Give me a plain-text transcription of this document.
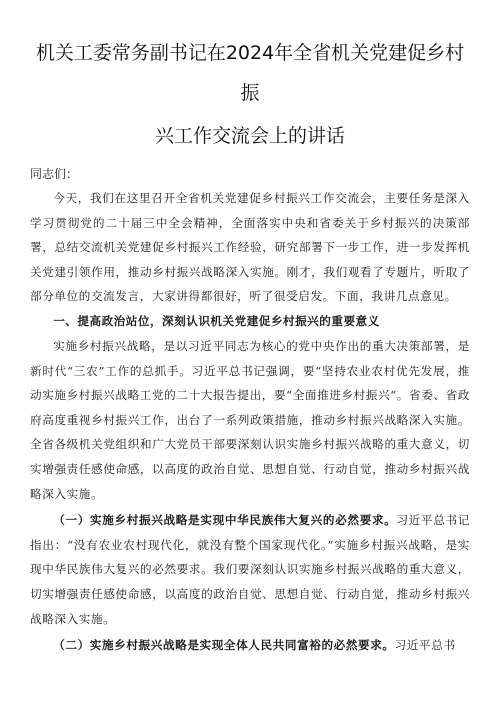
机关工委常务副书记在2024年全省机关党建促乡村振
兴工作交流会上的讲话
同志们：

今天，我们在这里召开全省机关党建促乡村振兴工作交流会，主要任务是深入学习贯彻党的二十届三中全会精神，全面落实中央和省委关于乡村振兴的决策部署，总结交流机关党建促乡村振兴工作经验，研究部署下一步工作，进一步发挥机关党建引领作用，推动乡村振兴战略深入实施。刚才，我们观看了专题片，听取了部分单位的交流发言，大家讲得都很好，听了很受启发。下面，我讲几点意见。

一、提高政治站位，深刻认识机关党建促乡村振兴的重要意义

实施乡村振兴战略，是以习近平同志为核心的党中央作出的重大决策部署，是新时代“三农”工作的总抓手。习近平总书记强调，要“坚持农业农村优先发展，推动实施乡村振兴战略工党的二十大报告提出，要“全面推进乡村振兴“。省委、省政府高度重视乡村振兴工作，出台了一系列政策措施，推动乡村振兴战略深入实施。全省各级机关党组织和广大党员干部要深刻认识实施乡村振兴战略的重大意义，切实增强责任感使命感，以高度的政治自觉、思想自觉、行动自觉，推动乡村振兴战略深入实施。

（一）实施乡村振兴战略是实现中华民族伟大复兴的必然要求。习近平总书记指出：“没有农业农村现代化，就没有整个国家现代化。”实施乡村振兴战略，是实现中华民族伟大复兴的必然要求。我们要深刻认识实施乡村振兴战略的重大意义，切实增强责任感使命感，以高度的政治自觉、思想自觉、行动自觉，推动乡村振兴战略深入实施。

（二）实施乡村振兴战略是实现全体人民共同富裕的必然要求。习近平总书
